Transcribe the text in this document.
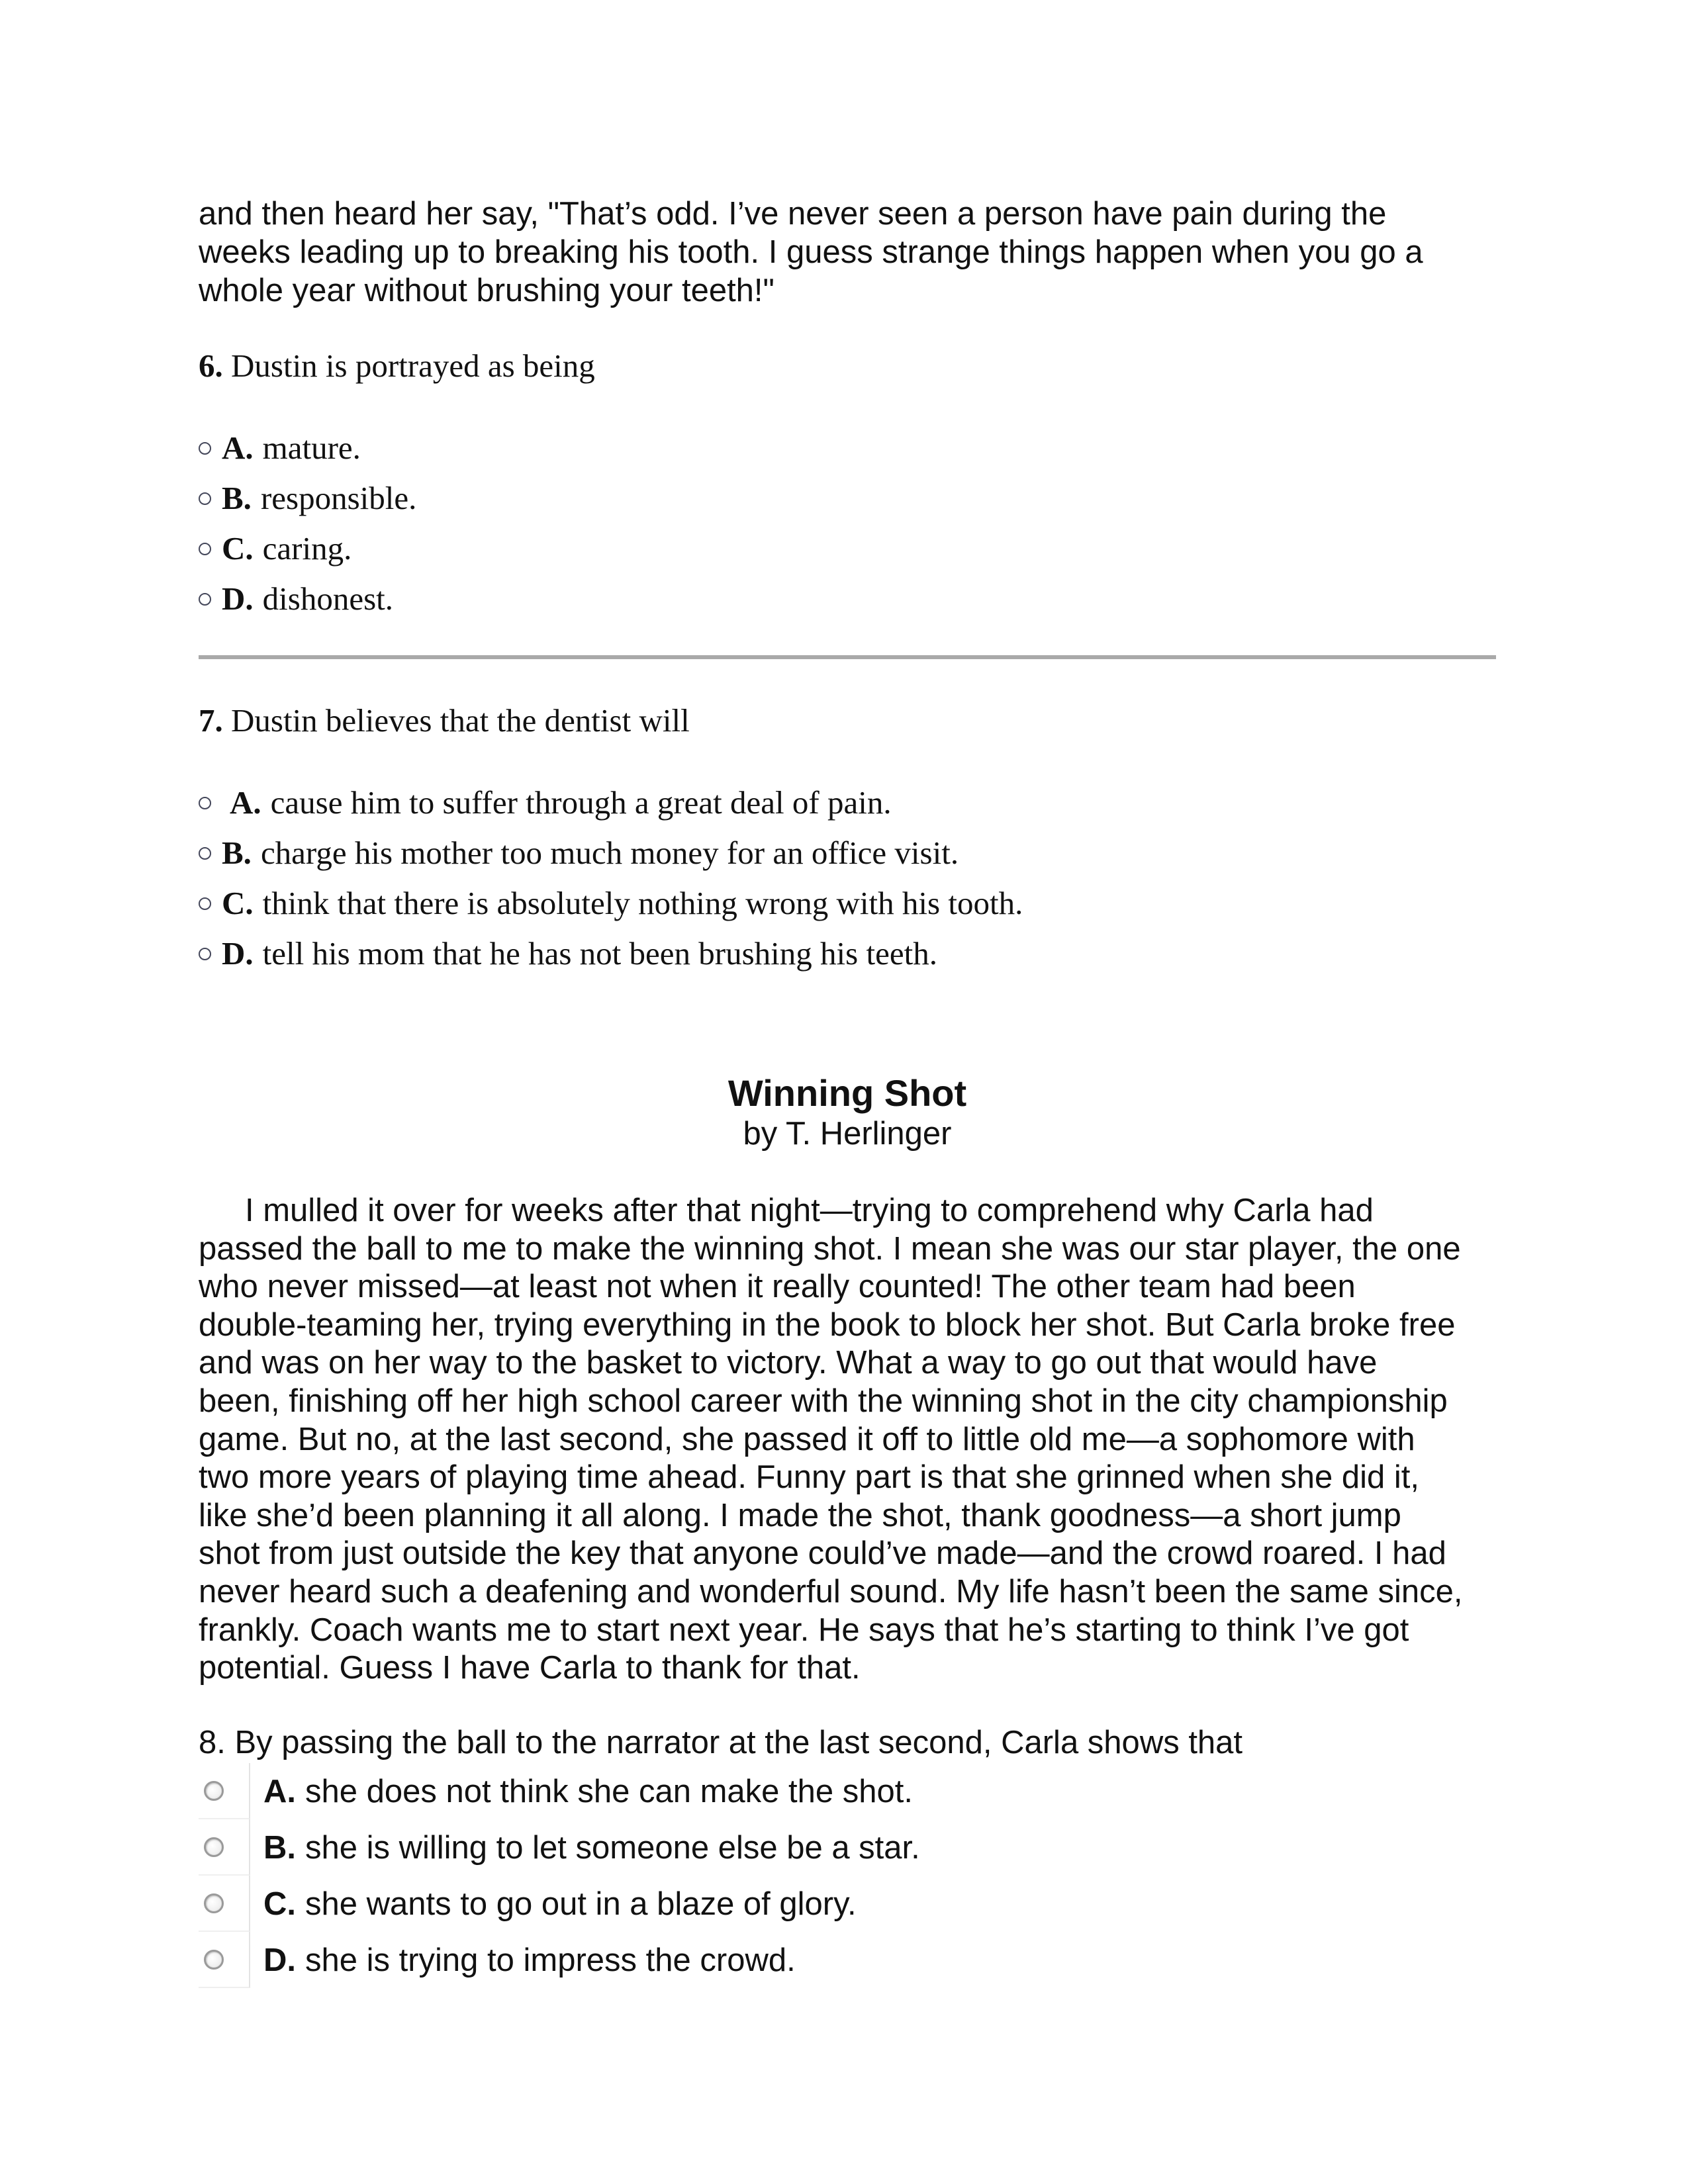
and then heard her say, "That’s odd. I’ve never seen a person have pain during the

weeks leading up to breaking his tooth. I guess strange things happen when you go a

whole year without brushing your teeth!"

6. Dustin is portrayed as being
A. mature.
B. responsible.
C. caring.
D. dishonest.
7. Dustin believes that the dentist will
A. cause him to suffer through a great deal of pain.
B. charge his mother too much money for an office visit.
C. think that there is absolutely nothing wrong with his tooth.
D. tell his mom that he has not been brushing his teeth.
Winning Shot
by T. Herlinger
I mulled it over for weeks after that night—trying to comprehend why Carla had
passed the ball to me to make the winning shot. I mean she was our star player, the one
who never missed—at least not when it really counted! The other team had been
double-teaming her, trying everything in the book to block her shot. But Carla broke free
and was on her way to the basket to victory. What a way to go out that would have
been, finishing off her high school career with the winning shot in the city championship
game. But no, at the last second, she passed it off to little old me—a sophomore with
two more years of playing time ahead. Funny part is that she grinned when she did it,
like she’d been planning it all along. I made the shot, thank goodness—a short jump
shot from just outside the key that anyone could’ve made—and the crowd roared. I had
never heard such a deafening and wonderful sound. My life hasn’t been the same since,
frankly. Coach wants me to start next year. He says that he’s starting to think I’ve got
potential. Guess I have Carla to thank for that.
8. By passing the ball to the narrator at the last second, Carla shows that
A. she does not think she can make the shot.
B. she is willing to let someone else be a star.
C. she wants to go out in a blaze of glory.
D. she is trying to impress the crowd.
